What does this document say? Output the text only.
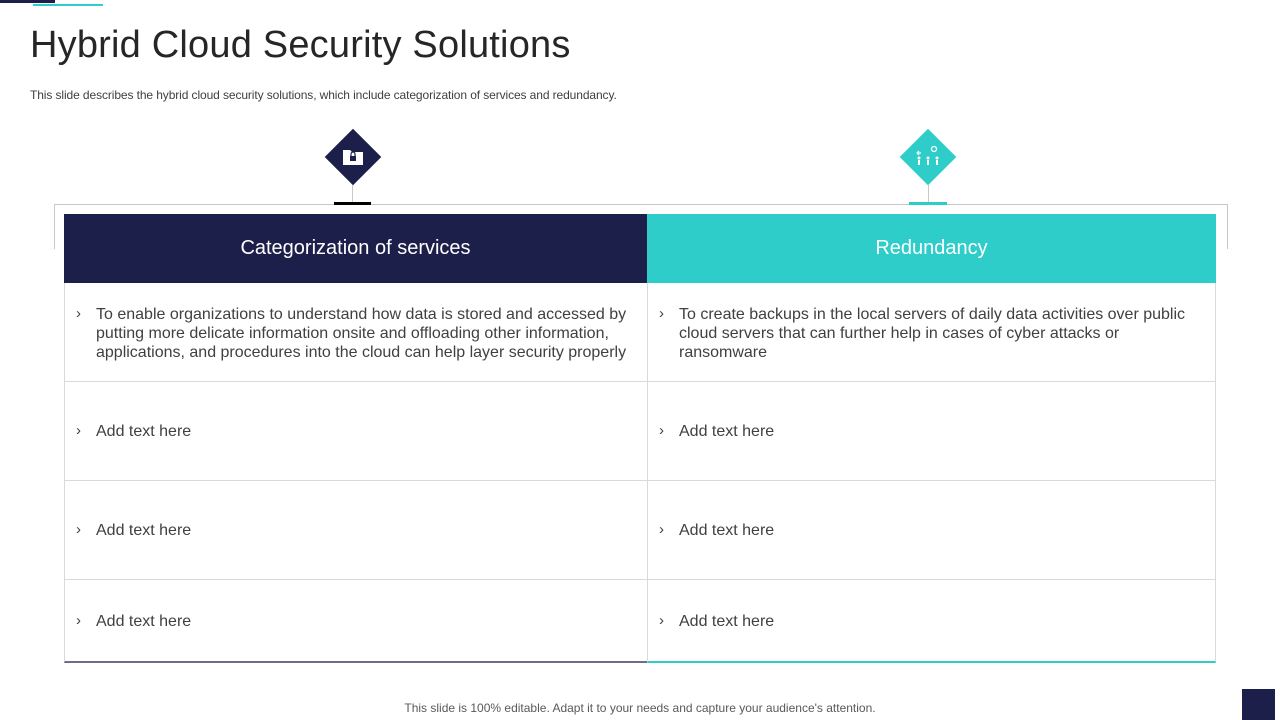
Hybrid Cloud Security Solutions
This slide describes the hybrid cloud security solutions, which include categorization of services and redundancy.
Categorization of services
› To enable organizations to understand how data is stored and accessed by putting more delicate information onsite and offloading other information, applications, and procedures into the cloud can help layer security properly
› Add text here
› Add text here
› Add text here
Redundancy
› To create backups in the local servers of daily data activities over public cloud servers that can further help in cases of cyber attacks or ransomware
› Add text here
› Add text here
› Add text here
This slide is 100% editable. Adapt it to your needs and capture your audience's attention.
